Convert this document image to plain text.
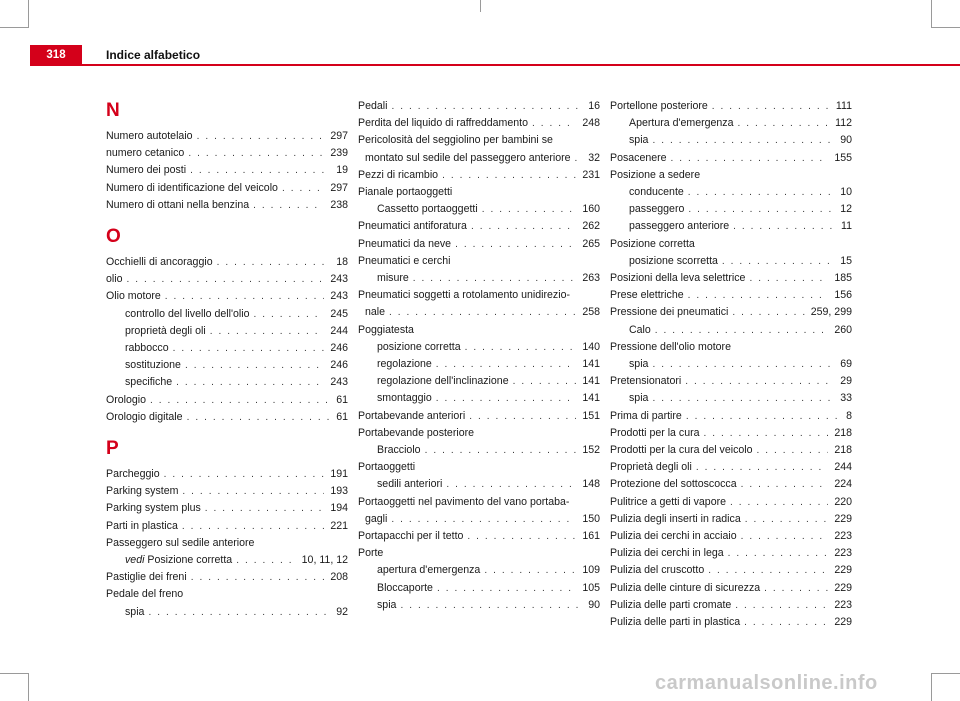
318	Indice alfabetico
N
Numero autotelaio . . .	297
numero cetanico . . .	239
Numero dei posti . . .	19
Numero di identificazione del veicolo . . .	297
Numero di ottani nella benzina . . .	238
O
Occhielli di ancoraggio . . .	18
olio . . .	243
Olio motore . . .	243
controllo del livello dell'olio . . .	245
proprietà degli oli . . .	244
rabbocco . . .	246
sostituzione . . .	246
specifiche . . .	243
Orologio . . .	61
Orologio digitale . . .	61
P
Parcheggio . . .	191
Parking system . . .	193
Parking system plus . . .	194
Parti in plastica . . .	221
Passeggero sul sedile anteriore
vedi Posizione corretta . . .	10, 11, 12
Pastiglie dei freni . . .	208
Pedale del freno
spia . . .	92
Pedali . . .	16
Perdita del liquido di raffreddamento . . .	248
Pericolosità del seggiolino per bambini se
montato sul sedile del passeggero anteriore . . . 32
Pezzi di ricambio . . .	231
Pianale portaoggetti
Cassetto portaoggetti . . .	160
Pneumatici antiforatura . . .	262
Pneumatici da neve . . .	265
Pneumatici e cerchi
misure . . .	263
Pneumatici soggetti a rotolamento unidirezio-
nale . . .	258
Poggiatesta
posizione corretta . . .	140
regolazione . . .	141
regolazione dell'inclinazione . . .	141
smontaggio . . .	141
Portabevande anteriori . . .	151
Portabevande posteriore
Bracciolo . . .	152
Portaoggetti
sedili anteriori . . .	148
Portaoggetti nel pavimento del vano portaba-
gagli . . .	150
Portapacchi per il tetto . . .	161
Porte
apertura d'emergenza . . .	109
Bloccaporte . . .	105
spia . . .	90
Portellone posteriore . . .	111
Apertura d'emergenza . . .	112
spia . . .	90
Posacenere . . .	155
Posizione a sedere
conducente . . .	10
passeggero . . .	12
passeggero anteriore . . .	11
Posizione corretta
posizione scorretta . . .	15
Posizioni della leva selettrice . . .	185
Prese elettriche . . .	156
Pressione dei pneumatici . . .	259, 299
Calo . . .	260
Pressione dell'olio motore
spia . . .	69
Pretensionatori . . .	29
spia . . .	33
Prima di partire . . .	8
Prodotti per la cura . . .	218
Prodotti per la cura del veicolo . . .	218
Proprietà degli oli . . .	244
Protezione del sottoscocca . . .	224
Pulitrice a getti di vapore . . .	220
Pulizia degli inserti in radica . . .	229
Pulizia dei cerchi in acciaio . . .	223
Pulizia dei cerchi in lega . . .	223
Pulizia del cruscotto . . .	229
Pulizia delle cinture di sicurezza . . .	229
Pulizia delle parti cromate . . .	223
Pulizia delle parti in plastica . . .	229
carmanualsonline.info
